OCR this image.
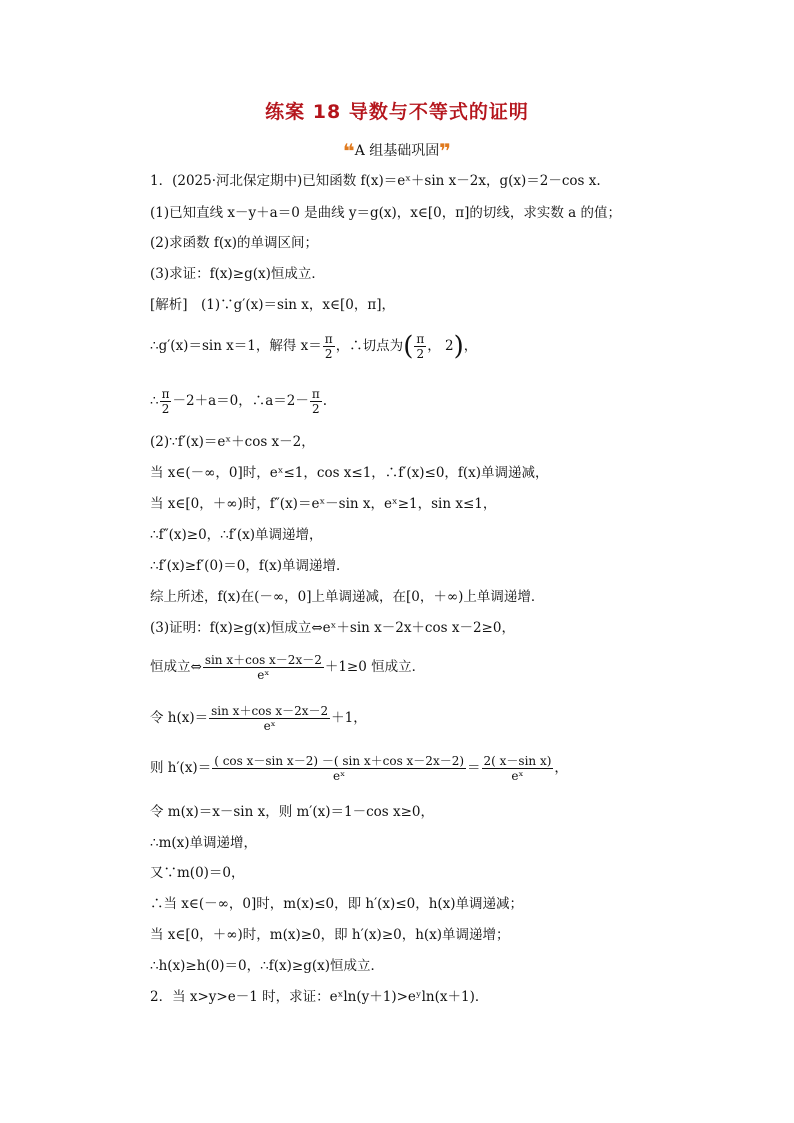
练案 18 导数与不等式的证明
❝A 组基础巩固❞
1．(2025·河北保定期中)已知函数 f(x)＝eˣ＋sin x－2x，g(x)＝2－cos x.
(1)已知直线 x－y＋a＝0 是曲线 y＝g(x)，x∈[0，π]的切线，求实数 a 的值；
(2)求函数 f(x)的单调区间；
(3)求证：f(x)≥g(x)恒成立．
[解析]　(1)∵g′(x)＝sin x，x∈[0，π]，
∴g′(x)＝sin x＝1，解得 $x= \frac{\pi}{2}$ ，∴切点为( $\frac{\pi}{2}$ ， 2)，
∴ $\frac{\pi}{2} -2+a=0$，∴a＝2－ $\frac{\pi}{2}$ .
(2)∵f′(x)＝eˣ＋cos x－2，
当 x∈(－∞，0]时，eˣ≤1，cos x≤1，∴f′(x)≤0，f(x)单调递减，
当 x∈[0，＋∞)时，f″(x)＝eˣ－sin x，eˣ≥1，sin x≤1，
∴f″(x)≥0，∴f′(x)单调递增，
∴f′(x)≥f′(0)＝0，f(x)单调递增．
综上所述，f(x)在(－∞，0]上单调递减，在[0，＋∞)上单调递增．
(3)证明：f(x)≥g(x)恒成立⇔eˣ＋sin x－2x＋cos x－2≥0，
恒成立⇔ $\frac{\text{sin x＋cos x－2x－2}}{\text{eˣ}} +1\ge 0$ 恒成立．
令 $h(x)= \frac{\text{sin x＋cos x－2x－2}}{\text{eˣ}} +1$，
则 $h'(x)= \frac{\text{( cos x－sin x－2) －( sin x＋cos x－2x－2)}}{\text{eˣ}} = \frac{\text{2( x－sin x)}}{\text{eˣ}}$ ，
令 m(x)＝x－sin x，则 m′(x)＝1－cos x≥0，
∴m(x)单调递增，
又∵m(0)＝0，
∴当 x∈(－∞，0]时，m(x)≤0，即 h′(x)≤0，h(x)单调递减；
当 x∈[0，＋∞)时，m(x)≥0，即 h′(x)≥0，h(x)单调递增；
∴h(x)≥h(0)＝0，∴f(x)≥g(x)恒成立．
2．当 x>y>e－1 时，求证：eˣln(y＋1)>eʸln(x＋1)．
